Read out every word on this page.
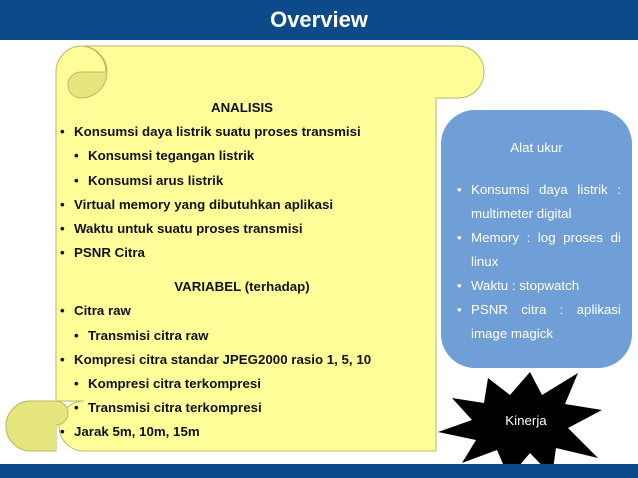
Overview

ANALISIS

• Konsumsi daya listrik suatu proses transmisi
• Konsumsi tegangan listrik
• Konsumsi arus listrik
• Virtual memory yang dibutuhkan aplikasi
• Waktu untuk suatu proses transmisi
• PSNR Citra

VARIABEL (terhadap)

• Citra raw
• Transmisi citra raw
• Kompresi citra standar JPEG2000 rasio 1, 5, 10
• Kompresi citra terkompresi
• Transmisi citra terkompresi
• Jarak 5m, 10m, 15m
Alat ukur
• Konsumsi daya listrik : multimeter digital
• Memory : log proses di linux
• Waktu : stopwatch
• PSNR citra : aplikasi image magick
Kinerja
